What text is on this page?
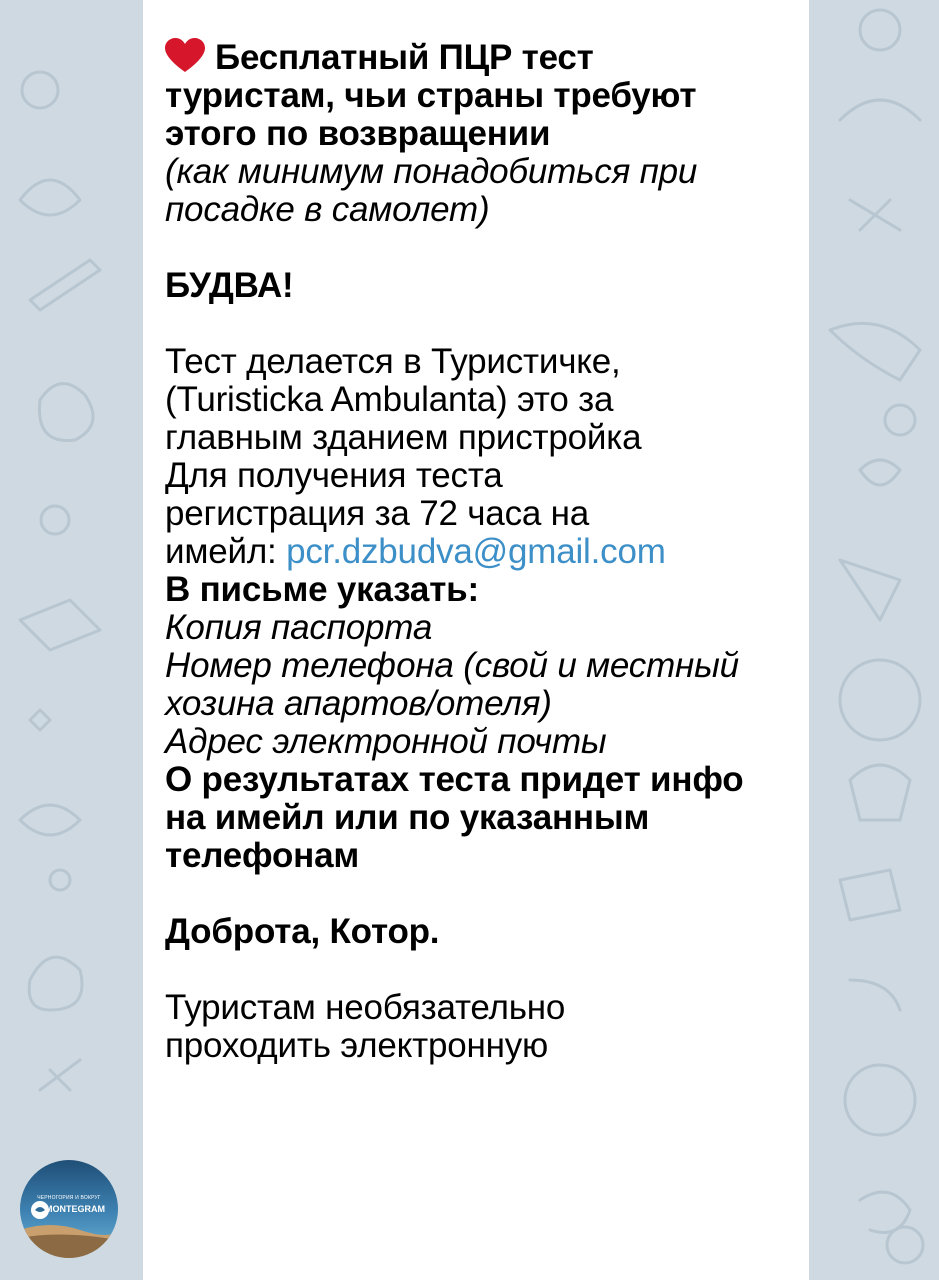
Бесплатный ПЦР тест
туристам, чьи страны требуют
этого по возвращении
(как минимум понадобиться при
посадке в самолет)
БУДВА!
Тест делается в Туристичке,
(Turisticka Ambulanta) это за
главным зданием пристройка
Для получения теста
регистрация за 72 часа на
имейл: pcr.dzbudva@gmail.com
В письме указать:
Копия паспорта
Номер телефона (свой и местный
хозина апартов/отеля)
Адрес электронной почты
О результатах теста придет инфо
на имейл или по указанным
телефонам
Доброта, Котор.
Туристам необязательно
проходить электронную
ЧЕРНОГОРИЯ И ВОКРУГ
MONTEGRAM
